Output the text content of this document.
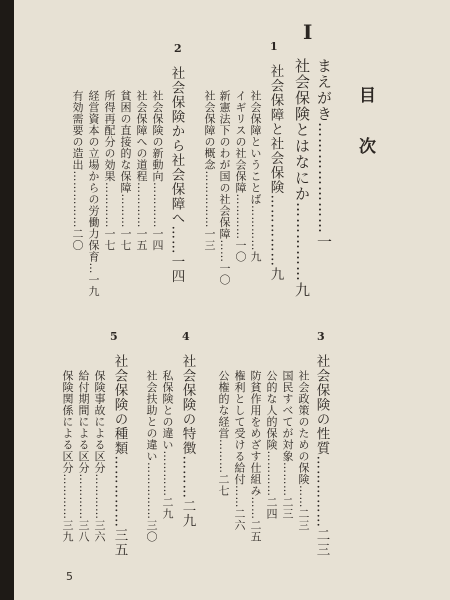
目次
I
まえがき…………………一
社会保険とはなにか……………九
1
社会保障と社会保険……………九
社会保障ということば…………九
イギリスの社会保障…………一〇
新憲法下のわが国の社会保障……一〇
社会保障の概念……………一三
2
社会保険から社会保障へ……一四
社会保険の新動向…………一四
社会保障への道程…………一五
貧困の直接的な保障………一七
所得再配分の効果…………一七
経営資本の立場からの労働力保育…一九
有効需要の造出……………二〇
3
社会保険の性質……………二三
社会政策のための保険……二三
国民すべてが対象………二三
公的な人的保険…………二四
防貧作用をめざす仕組み……二五
権利として受ける給付……二六
公権的な経営………二七
4
社会保険の特徴………二九
私保険との違い…………二九
社会扶助との違い……………三〇
5
社会保険の種類……………三五
保険事故による区分…………三六
給付期間による区分…………三八
保険関係による区分…………三九
5
